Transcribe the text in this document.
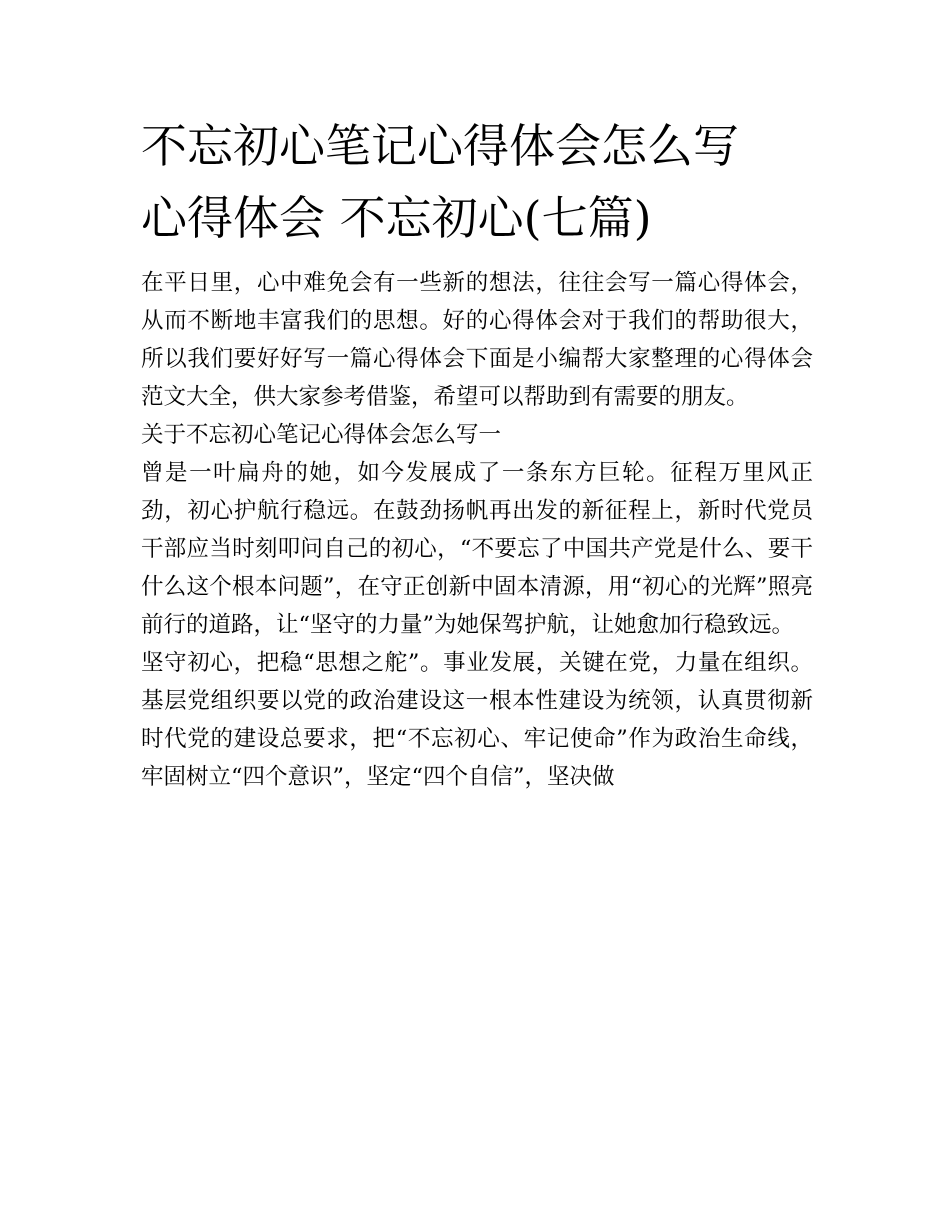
不忘初心笔记心得体会怎么写
心得体会 不忘初心(七篇)

在平日里，心中难免会有一些新的想法，往往会写一篇心得体会，从而不断地丰富我们的思想。好的心得体会对于我们的帮助很大，所以我们要好好写一篇心得体会下面是小编帮大家整理的心得体会范文大全，供大家参考借鉴，希望可以帮助到有需要的朋友。

关于不忘初心笔记心得体会怎么写一

曾是一叶扁舟的她，如今发展成了一条东方巨轮。征程万里风正劲，初心护航行稳远。在鼓劲扬帆再出发的新征程上，新时代党员干部应当时刻叩问自己的初心，“不要忘了中国共产党是什么、要干什么这个根本问题”，在守正创新中固本清源，用“初心的光辉”照亮前行的道路，让“坚守的力量”为她保驾护航，让她愈加行稳致远。

坚守初心，把稳“思想之舵”。事业发展，关键在党，力量在组织。基层党组织要以党的政治建设这一根本性建设为统领，认真贯彻新时代党的建设总要求，把“不忘初心、牢记使命”作为政治生命线，牢固树立“四个意识”，坚定“四个自信”，坚决做
